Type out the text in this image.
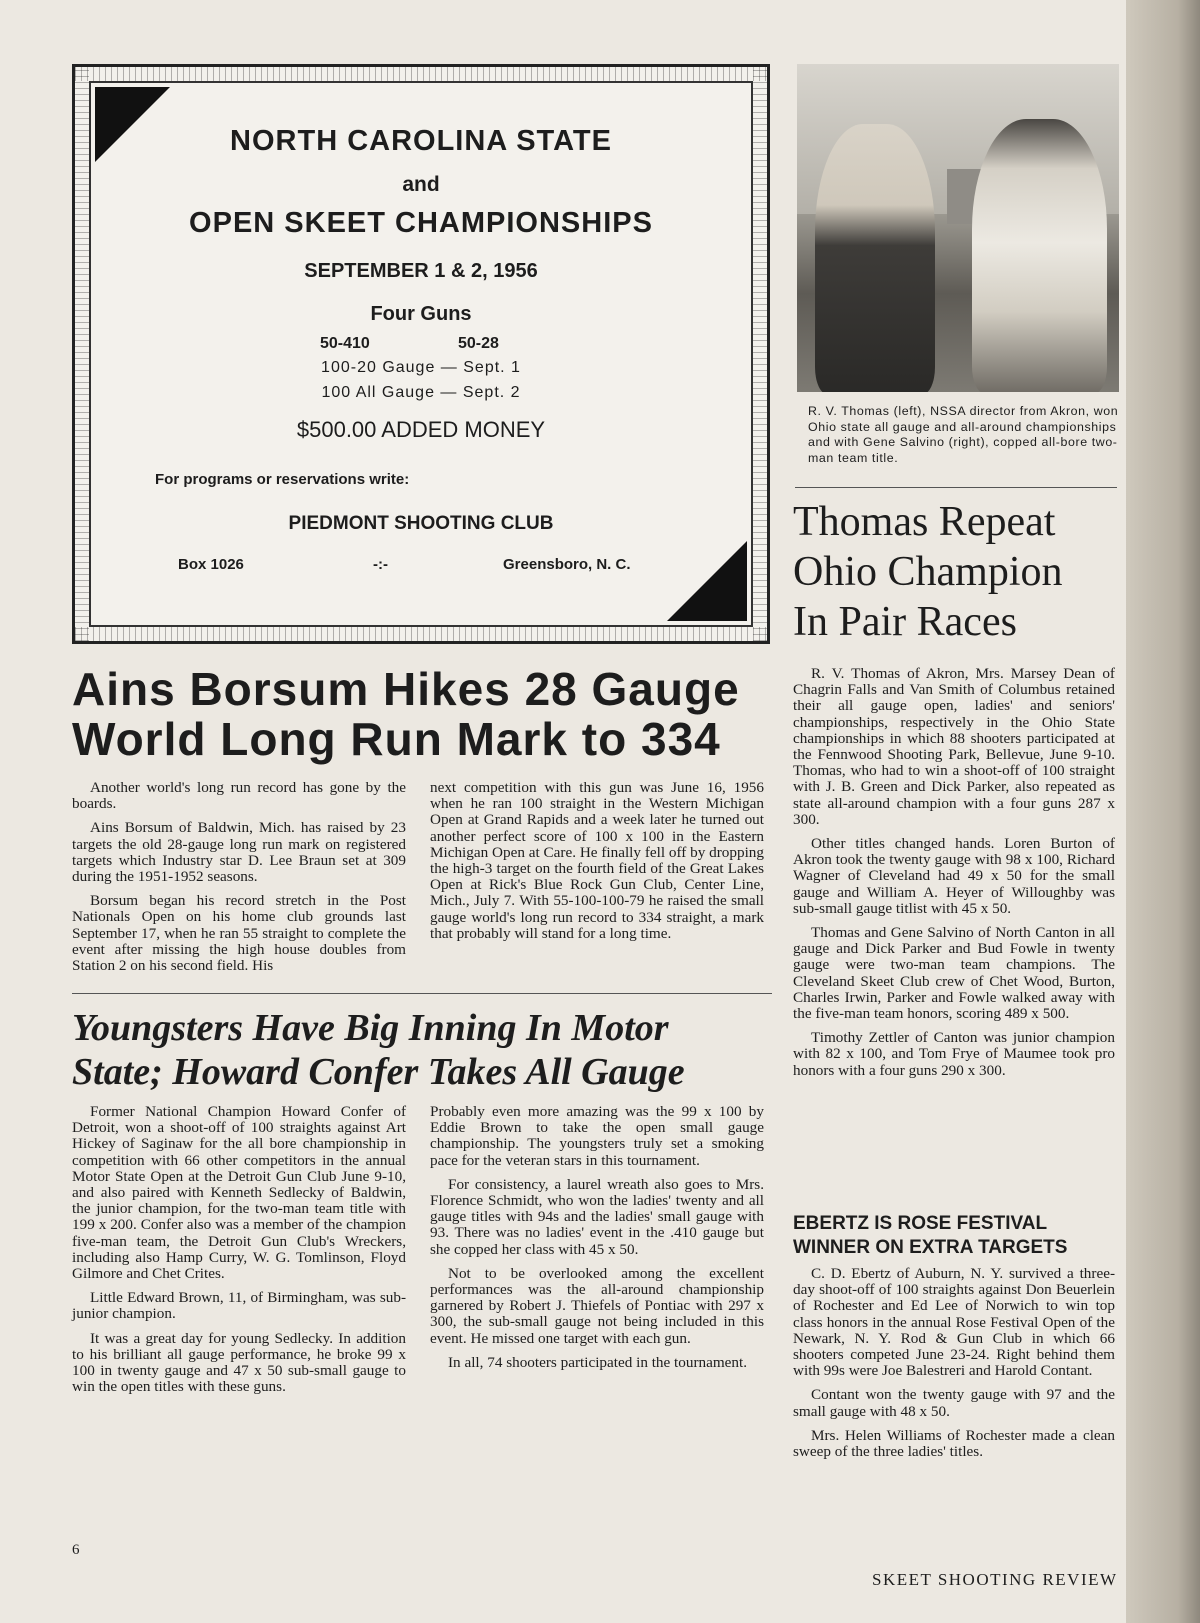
NORTH CAROLINA STATE
and
OPEN SKEET CHAMPIONSHIPS
SEPTEMBER 1 & 2, 1956
Four Guns
50-410	50-28
100-20 Gauge — Sept. 1
100 All Gauge — Sept. 2
$500.00 ADDED MONEY
For programs or reservations write:
PIEDMONT SHOOTING CLUB
Box 1026	-:-	Greensboro, N. C.
R. V. Thomas (left), NSSA director from Akron, won Ohio state all gauge and all-around championships and with Gene Salvino (right), copped all-bore two-man team title.
Ains Borsum Hikes 28 Gauge
World Long Run Mark to 334

Another world's long run record has gone by the boards.

Ains Borsum of Baldwin, Mich. has raised by 23 targets the old 28-gauge long run mark on registered targets which Industry star D. Lee Braun set at 309 during the 1951-1952 seasons.

Borsum began his record stretch in the Post Nationals Open on his home club grounds last September 17, when he ran 55 straight to complete the event after missing the high house doubles from Station 2 on his second field. His

next competition with this gun was June 16, 1956 when he ran 100 straight in the Western Michigan Open at Grand Rapids and a week later he turned out another perfect score of 100 x 100 in the Eastern Michigan Open at Care. He finally fell off by dropping the high-3 target on the fourth field of the Great Lakes Open at Rick's Blue Rock Gun Club, Center Line, Mich., July 7. With 55-100-100-79 he raised the small gauge world's long run record to 334 straight, a mark that probably will stand for a long time.

Youngsters Have Big Inning In Motor
State; Howard Confer Takes All Gauge

Former National Champion Howard Confer of Detroit, won a shoot-off of 100 straights against Art Hickey of Saginaw for the all bore championship in competition with 66 other competitors in the annual Motor State Open at the Detroit Gun Club June 9-10, and also paired with Kenneth Sedlecky of Baldwin, the junior champion, for the two-man team title with 199 x 200. Confer also was a member of the champion five-man team, the Detroit Gun Club's Wreckers, including also Hamp Curry, W. G. Tomlinson, Floyd Gilmore and Chet Crites.

Little Edward Brown, 11, of Birmingham, was sub-junior champion.

It was a great day for young Sedlecky. In addition to his brilliant all gauge performance, he broke 99 x 100 in twenty gauge and 47 x 50 sub-small gauge to win the open titles with these guns.

Probably even more amazing was the 99 x 100 by Eddie Brown to take the open small gauge championship. The youngsters truly set a smoking pace for the veteran stars in this tournament.

For consistency, a laurel wreath also goes to Mrs. Florence Schmidt, who won the ladies' twenty and all gauge titles with 94s and the ladies' small gauge with 93. There was no ladies' event in the .410 gauge but she copped her class with 45 x 50.

Not to be overlooked among the excellent performances was the all-around championship garnered by Robert J. Thiefels of Pontiac with 297 x 300, the sub-small gauge not being included in this event. He missed one target with each gun.

In all, 74 shooters participated in the tournament.

Thomas Repeat
Ohio Champion
In Pair Races

R. V. Thomas of Akron, Mrs. Marsey Dean of Chagrin Falls and Van Smith of Columbus retained their all gauge open, ladies' and seniors' championships, respectively in the Ohio State championships in which 88 shooters participated at the Fennwood Shooting Park, Bellevue, June 9-10. Thomas, who had to win a shoot-off of 100 straight with J. B. Green and Dick Parker, also repeated as state all-around champion with a four guns 287 x 300.

Other titles changed hands. Loren Burton of Akron took the twenty gauge with 98 x 100, Richard Wagner of Cleveland had 49 x 50 for the small gauge and William A. Heyer of Willoughby was sub-small gauge titlist with 45 x 50.

Thomas and Gene Salvino of North Canton in all gauge and Dick Parker and Bud Fowle in twenty gauge were two-man team champions. The Cleveland Skeet Club crew of Chet Wood, Burton, Charles Irwin, Parker and Fowle walked away with the five-man team honors, scoring 489 x 500.

Timothy Zettler of Canton was junior champion with 82 x 100, and Tom Frye of Maumee took pro honors with a four guns 290 x 300.

EBERTZ IS ROSE FESTIVAL
WINNER ON EXTRA TARGETS

C. D. Ebertz of Auburn, N. Y. survived a three-day shoot-off of 100 straights against Don Beuerlein of Rochester and Ed Lee of Norwich to win top class honors in the annual Rose Festival Open of the Newark, N. Y. Rod & Gun Club in which 66 shooters competed June 23-24. Right behind them with 99s were Joe Balestreri and Harold Contant.

Contant won the twenty gauge with 97 and the small gauge with 48 x 50.

Mrs. Helen Williams of Rochester made a clean sweep of the three ladies' titles.

6
SKEET SHOOTING REVIEW
